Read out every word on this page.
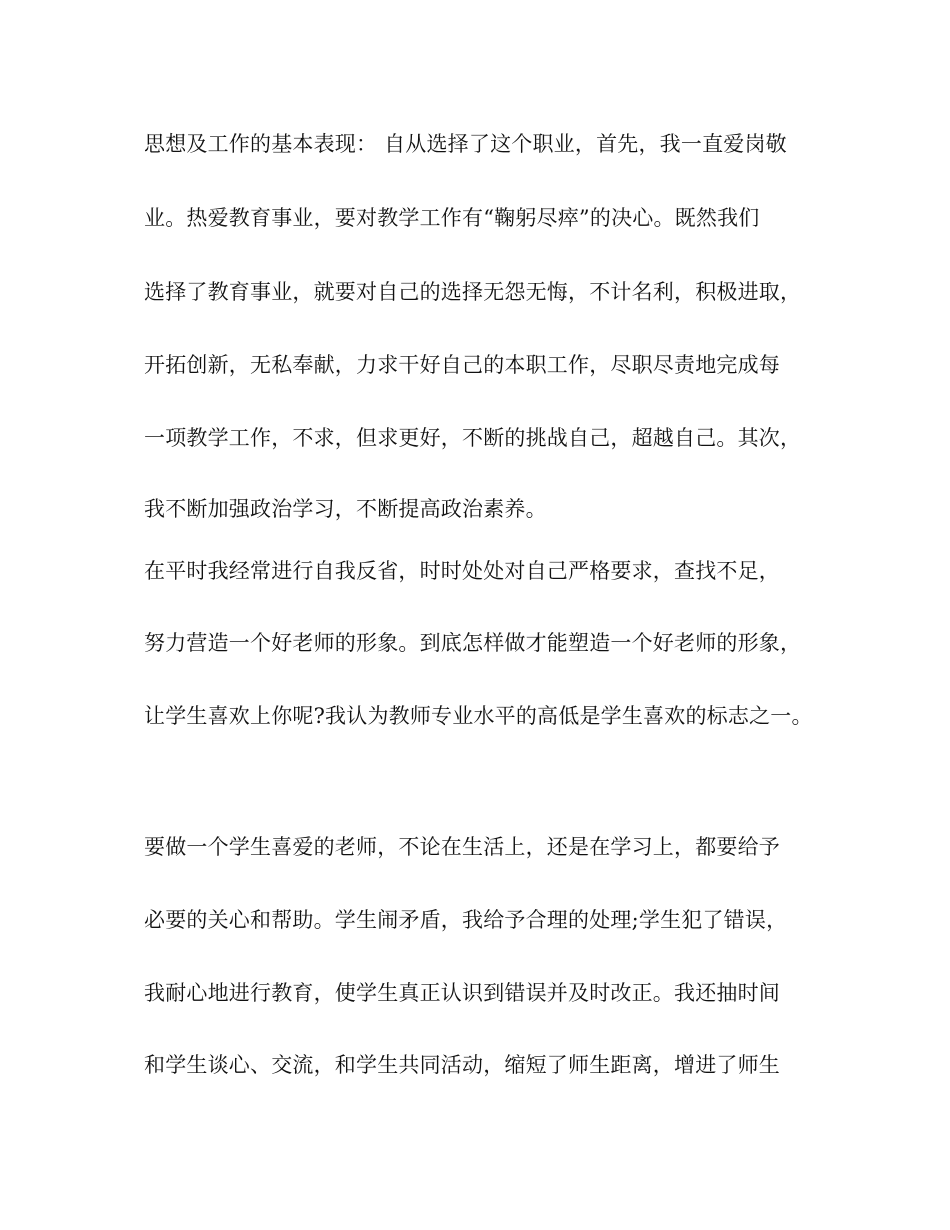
思想及工作的基本表现： 自从选择了这个职业，首先，我一直爱岗敬
业。热爱教育事业，要对教学工作有“鞠躬尽瘁”的决心。既然我们
选择了教育事业，就要对自己的选择无怨无悔，不计名利，积极进取，
开拓创新，无私奉献，力求干好自己的本职工作，尽职尽责地完成每
一项教学工作，不求，但求更好，不断的挑战自己，超越自己。其次，
我不断加强政治学习，不断提高政治素养。
在平时我经常进行自我反省，时时处处对自己严格要求，查找不足，
努力营造一个好老师的形象。到底怎样做才能塑造一个好老师的形象，
让学生喜欢上你呢?我认为教师专业水平的高低是学生喜欢的标志之一。
要做一个学生喜爱的老师，不论在生活上，还是在学习上，都要给予
必要的关心和帮助。学生闹矛盾，我给予合理的处理;学生犯了错误，
我耐心地进行教育，使学生真正认识到错误并及时改正。我还抽时间
和学生谈心、交流，和学生共同活动，缩短了师生距离，增进了师生
